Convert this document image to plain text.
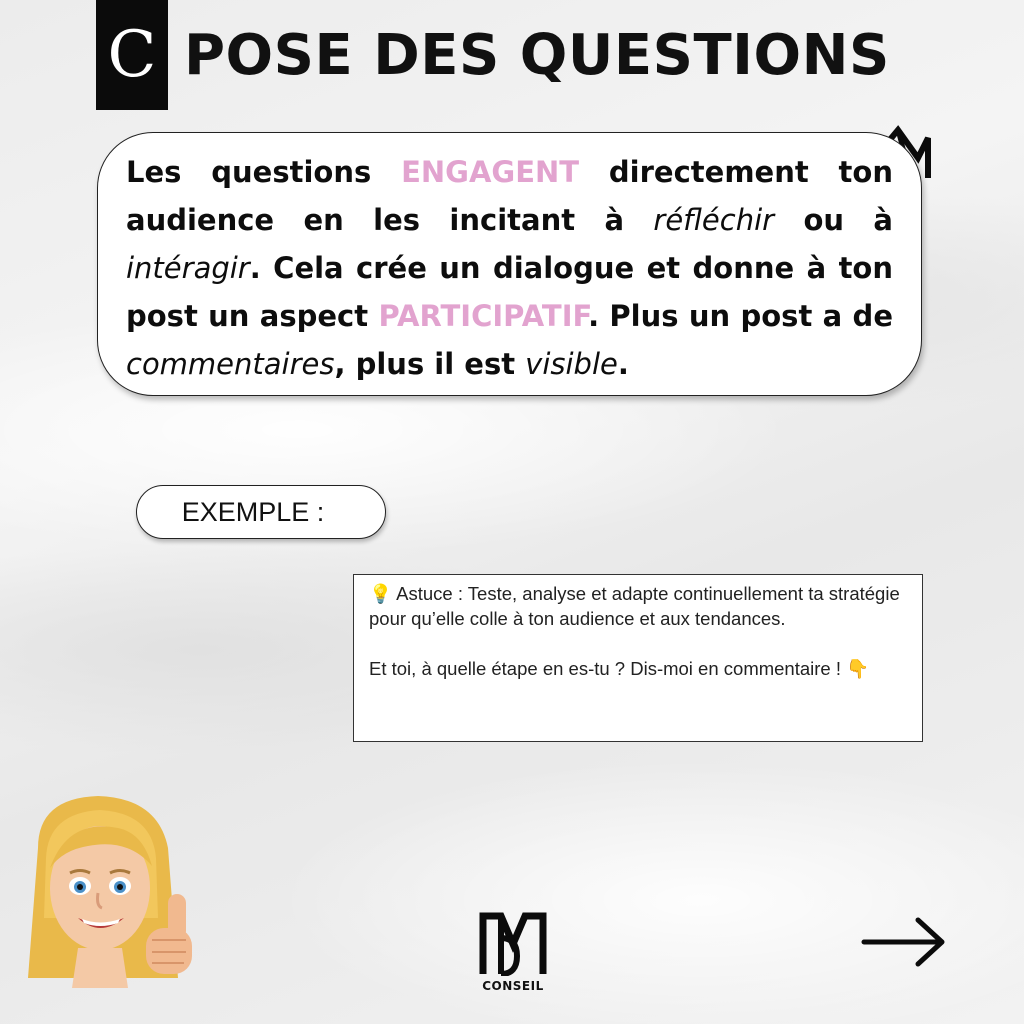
C POSE DES QUESTIONS

Les questions ENGAGENT directement ton audience en les incitant à réfléchir ou à intéragir. Cela crée un dialogue et donne à ton post un aspect PARTICIPATIF. Plus un post a de commentaires, plus il est visible.

EXEMPLE :

💡 Astuce : Teste, analyse et adapte continuellement ta stratégie pour qu’elle colle à ton audience et aux tendances.

Et toi, à quelle étape en es-tu ? Dis-moi en commentaire ! 👇

CONSEIL
